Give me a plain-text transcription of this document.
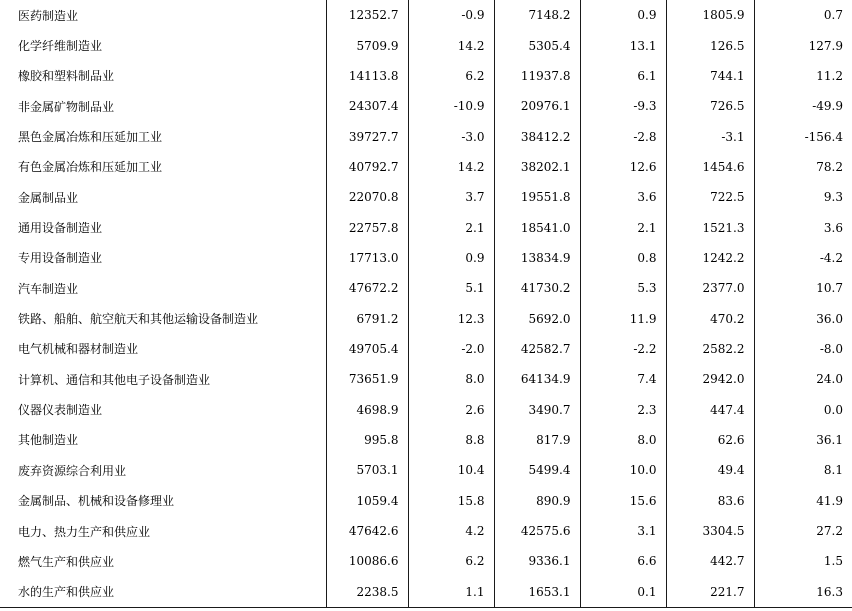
医药制造业	12352.7	-0.9	7148.2	0.9	1805.9	0.7
化学纤维制造业	5709.9	14.2	5305.4	13.1	126.5	127.9
橡胶和塑料制品业	14113.8	6.2	11937.8	6.1	744.1	11.2
非金属矿物制品业	24307.4	-10.9	20976.1	-9.3	726.5	-49.9
黑色金属冶炼和压延加工业	39727.7	-3.0	38412.2	-2.8	-3.1	-156.4
有色金属冶炼和压延加工业	40792.7	14.2	38202.1	12.6	1454.6	78.2
金属制品业	22070.8	3.7	19551.8	3.6	722.5	9.3
通用设备制造业	22757.8	2.1	18541.0	2.1	1521.3	3.6
专用设备制造业	17713.0	0.9	13834.9	0.8	1242.2	-4.2
汽车制造业	47672.2	5.1	41730.2	5.3	2377.0	10.7
铁路、船舶、航空航天和其他运输设备制造业	6791.2	12.3	5692.0	11.9	470.2	36.0
电气机械和器材制造业	49705.4	-2.0	42582.7	-2.2	2582.2	-8.0
计算机、通信和其他电子设备制造业	73651.9	8.0	64134.9	7.4	2942.0	24.0
仪器仪表制造业	4698.9	2.6	3490.7	2.3	447.4	0.0
其他制造业	995.8	8.8	817.9	8.0	62.6	36.1
废弃资源综合利用业	5703.1	10.4	5499.4	10.0	49.4	8.1
金属制品、机械和设备修理业	1059.4	15.8	890.9	15.6	83.6	41.9
电力、热力生产和供应业	47642.6	4.2	42575.6	3.1	3304.5	27.2
燃气生产和供应业	10086.6	6.2	9336.1	6.6	442.7	1.5
水的生产和供应业	2238.5	1.1	1653.1	0.1	221.7	16.3
